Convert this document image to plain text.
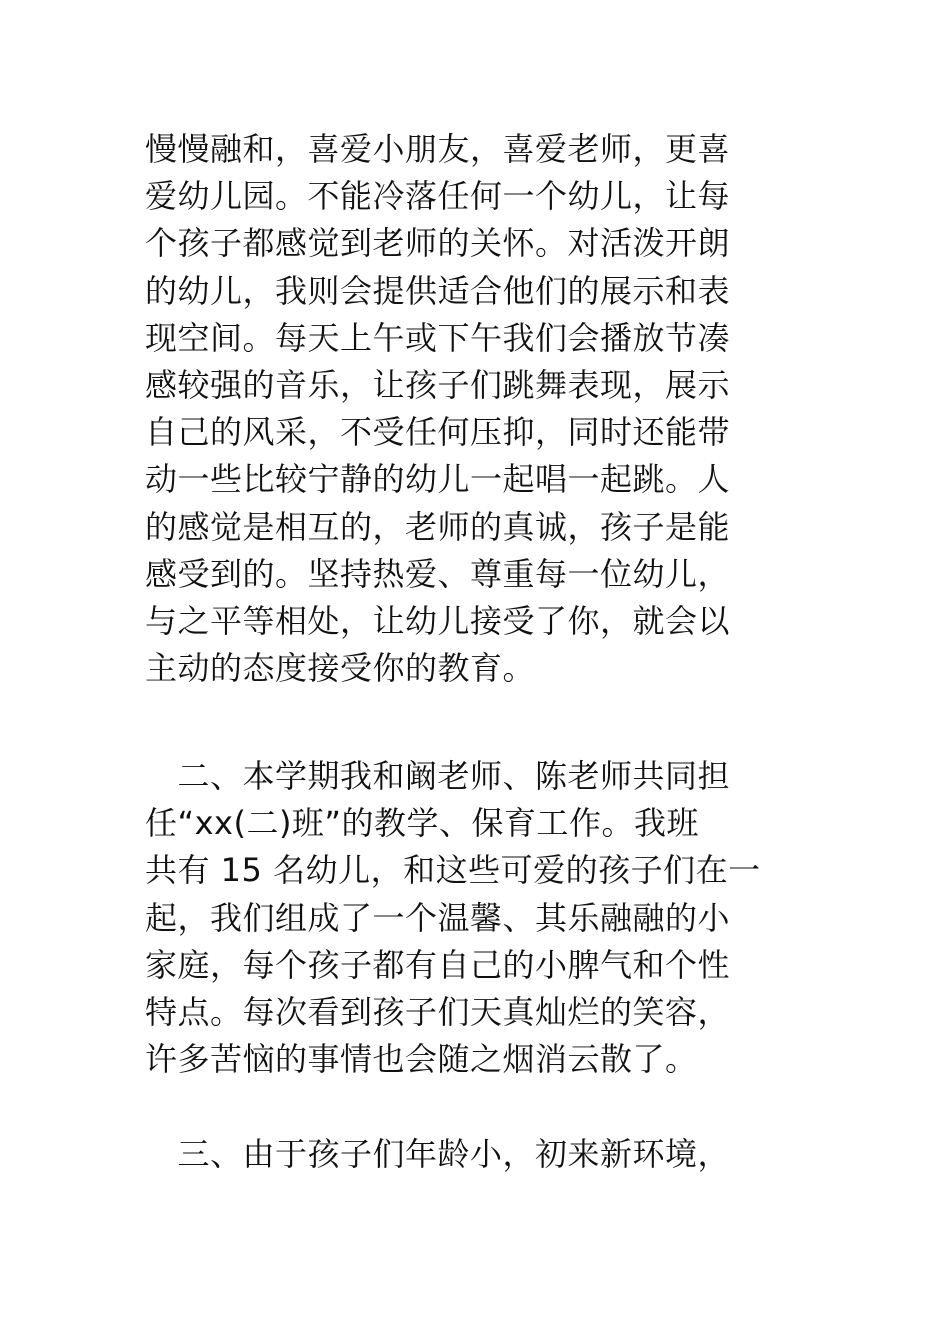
慢慢融和，喜爱小朋友，喜爱老师，更喜
爱幼儿园。不能冷落任何一个幼儿，让每
个孩子都感觉到老师的关怀。对活泼开朗
的幼儿，我则会提供适合他们的展示和表
现空间。每天上午或下午我们会播放节凑
感较强的音乐，让孩子们跳舞表现，展示
自己的风采，不受任何压抑，同时还能带
动一些比较宁静的幼儿一起唱一起跳。人
的感觉是相互的，老师的真诚，孩子是能
感受到的。坚持热爱、尊重每一位幼儿，
与之平等相处，让幼儿接受了你，就会以
主动的态度接受你的教育。
　二、本学期我和阚老师、陈老师共同担
任“xx(二)班”的教学、保育工作。我班
共有 15 名幼儿，和这些可爱的孩子们在一
起，我们组成了一个温馨、其乐融融的小
家庭，每个孩子都有自己的小脾气和个性
特点。每次看到孩子们天真灿烂的笑容，
许多苦恼的事情也会随之烟消云散了。
　三、由于孩子们年龄小，初来新环境，
